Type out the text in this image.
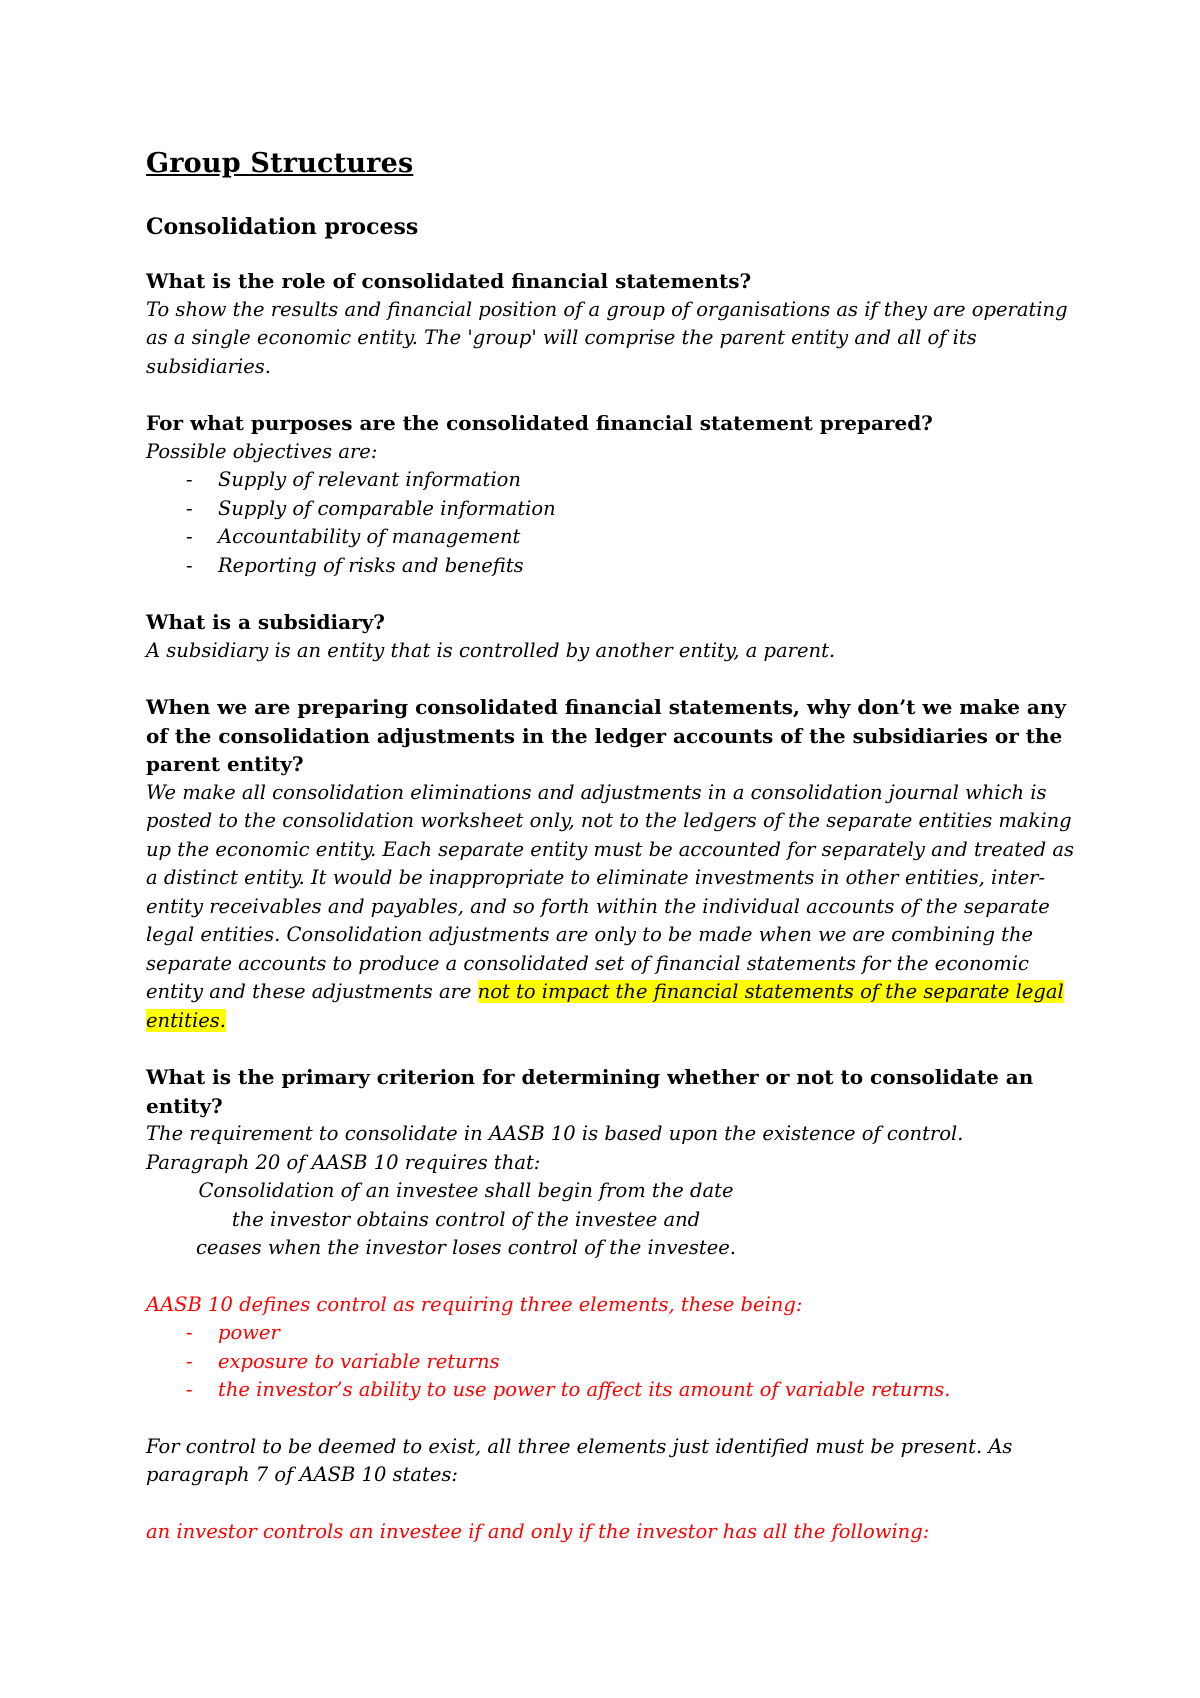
Group Structures
Consolidation process

What is the role of consolidated financial statements?

To show the results and financial position of a group of organisations as if they are operating as a single economic entity. The 'group' will comprise the parent entity and all of its subsidiaries.

For what purposes are the consolidated financial statement prepared?

Possible objectives are:

- Supply of relevant information
- Supply of comparable information
- Accountability of management
- Reporting of risks and benefits

What is a subsidiary?

A subsidiary is an entity that is controlled by another entity, a parent.

When we are preparing consolidated financial statements, why don’t we make any of the consolidation adjustments in the ledger accounts of the subsidiaries or the parent entity?

We make all consolidation eliminations and adjustments in a consolidation journal which is posted to the consolidation worksheet only, not to the ledgers of the separate entities making up the economic entity. Each separate entity must be accounted for separately and treated as a distinct entity. It would be inappropriate to eliminate investments in other entities, inter-entity receivables and payables, and so forth within the individual accounts of the separate legal entities. Consolidation adjustments are only to be made when we are combining the separate accounts to produce a consolidated set of financial statements for the economic entity and these adjustments are not to impact the financial statements of the separate legal entities.

What is the primary criterion for determining whether or not to consolidate an entity?

The requirement to consolidate in AASB 10 is based upon the existence of control.

Paragraph 20 of AASB 10 requires that:

Consolidation of an investee shall begin from the date
the investor obtains control of the investee and
ceases when the investor loses control of the investee.

AASB 10 defines control as requiring three elements, these being:

- power
- exposure to variable returns
- the investor’s ability to use power to affect its amount of variable returns.

For control to be deemed to exist, all three elements just identified must be present. As paragraph 7 of AASB 10 states:

an investor controls an investee if and only if the investor has all the following:
